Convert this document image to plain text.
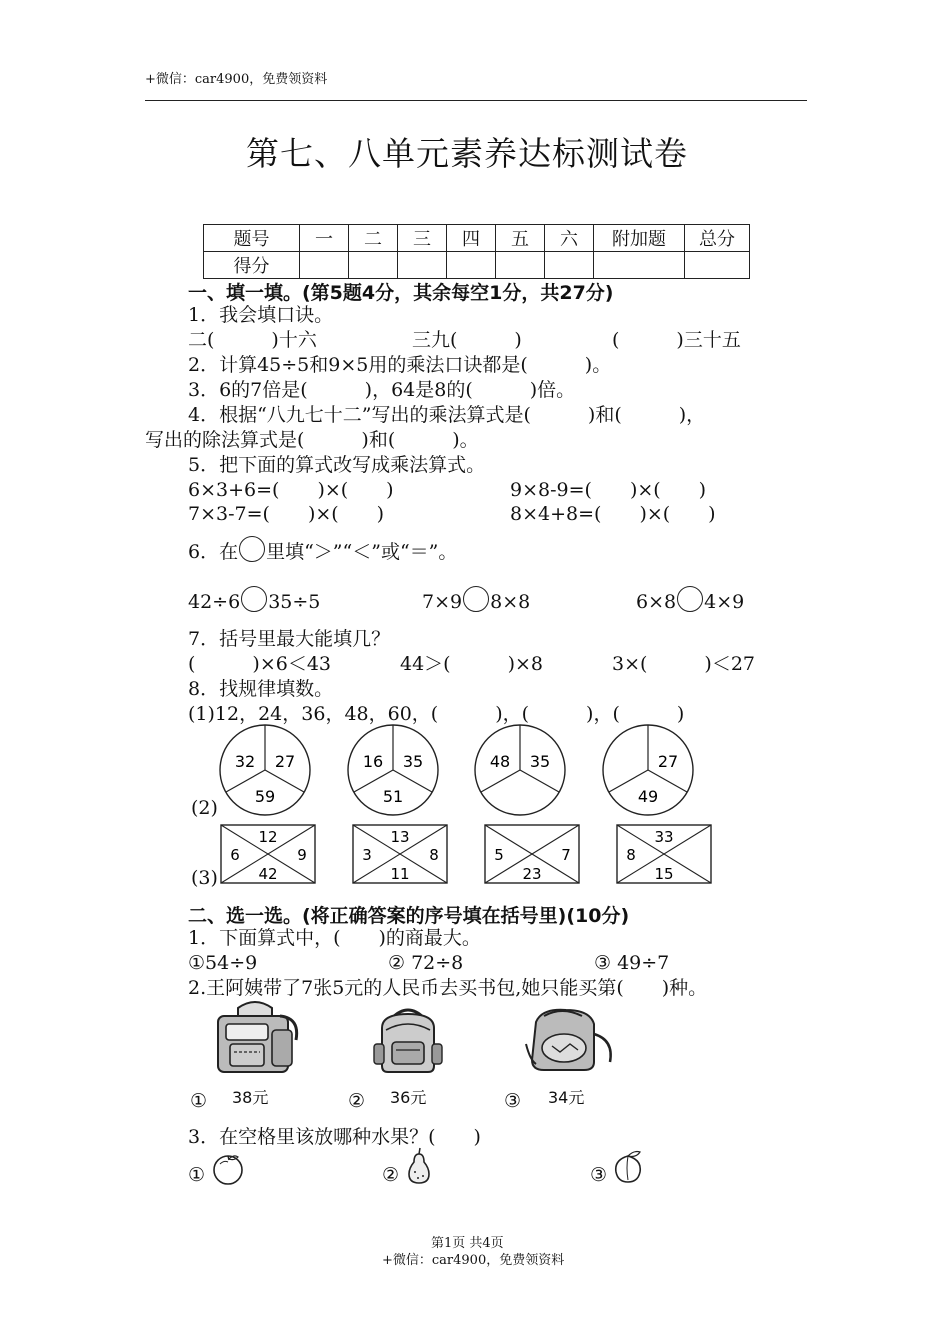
+微信：car4900，免费领资料
第七、八单元素养达标测试卷
题号	一	二	三	四	五	六	附加题	总分
得分								
一、填一填。(第5题4分，其余每空1分，共27分)
1．我会填口诀。
二(　　　)十六	三九(　　　)	(　　　)三十五
2．计算45÷5和9×5用的乘法口诀都是(　　　)。
3．6的7倍是(　　　)，64是8的(　　　)倍。
4．根据“八九七十二”写出的乘法算式是(　　　)和(　　　)，
写出的除法算式是(　　　)和(　　　)。
5．把下面的算式改写成乘法算式。
6×3+6=(　　)×(　　)	9×8-9=(　　)×(　　)
7×3-7=(　　)×(　　)	8×4+8=(　　)×(　　)
6．在 里填“＞”“＜”或“＝”。
42÷6 35÷5	7×9 8×8	6×8 4×9
7．括号里最大能填几？
(　　　)×6＜43	44＞(　　　)×8	3×(　　　)＜27
8．找规律填数。
(1)12，24，36，48，60，(　　　)，(　　　)，(　　　)
(2)
(3)
32 27
59
16 35
51
48 35	27
49
12
6	9
42
13
3	8
11
5	7
23
33
8
15
二、选一选。(将正确答案的序号填在括号里)(10分)
1．下面算式中，(　　)的商最大。
①54÷9	② 72÷8	③ 49÷7
2.王阿姨带了7张5元的人民币去买书包,她只能买第(　　)种。
① 38元	② 36元	③ 34元
3．在空格里该放哪种水果？(　　)
①	②	③
第1页 共4页
+微信：car4900，免费领资料
